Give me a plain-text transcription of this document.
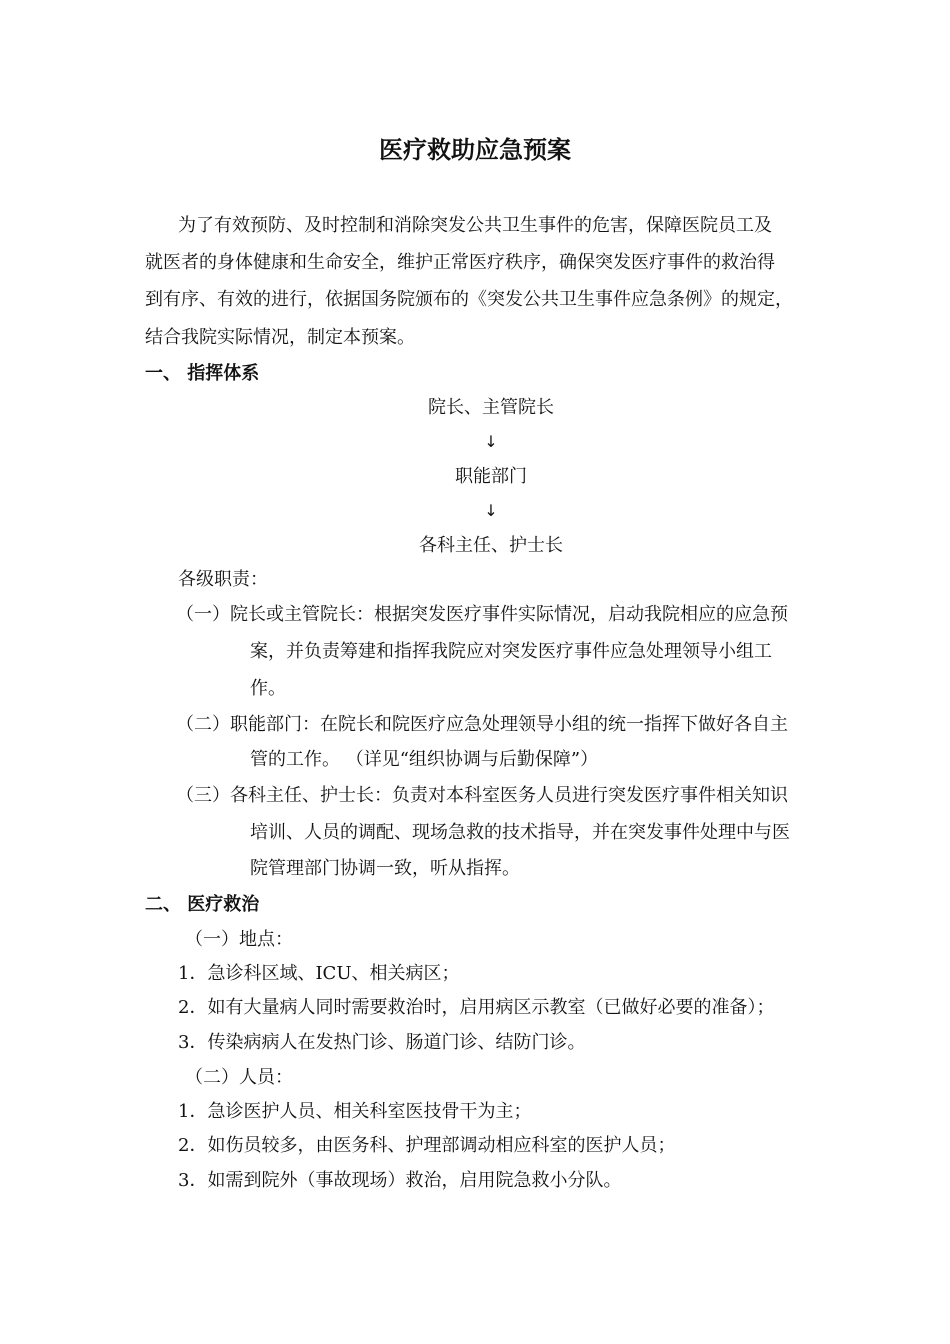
医疗救助应急预案
为了有效预防、及时控制和消除突发公共卫生事件的危害，保障医院员工及
就医者的身体健康和生命安全，维护正常医疗秩序，确保突发医疗事件的救治得
到有序、有效的进行，依据国务院颁布的《突发公共卫生事件应急条例》的规定，
结合我院实际情况，制定本预案。
一、 指挥体系
院长、主管院长
↓
职能部门
↓
各科主任、护士长
各级职责：
（一）院长或主管院长：根据突发医疗事件实际情况，启动我院相应的应急预
案，并负责筹建和指挥我院应对突发医疗事件应急处理领导小组工
作。
（二）职能部门：在院长和院医疗应急处理领导小组的统一指挥下做好各自主
管的工作。 （详见“组织协调与后勤保障”）
（三）各科主任、护士长：负责对本科室医务人员进行突发医疗事件相关知识
培训、人员的调配、现场急救的技术指导，并在突发事件处理中与医
院管理部门协调一致，听从指挥。
二、 医疗救治
（一）地点：
1．急诊科区域、ICU、相关病区；
2．如有大量病人同时需要救治时，启用病区示教室（已做好必要的准备）；
3．传染病病人在发热门诊、肠道门诊、结防门诊。
（二）人员：
1．急诊医护人员、相关科室医技骨干为主；
2．如伤员较多，由医务科、护理部调动相应科室的医护人员；
3．如需到院外（事故现场）救治，启用院急救小分队。
